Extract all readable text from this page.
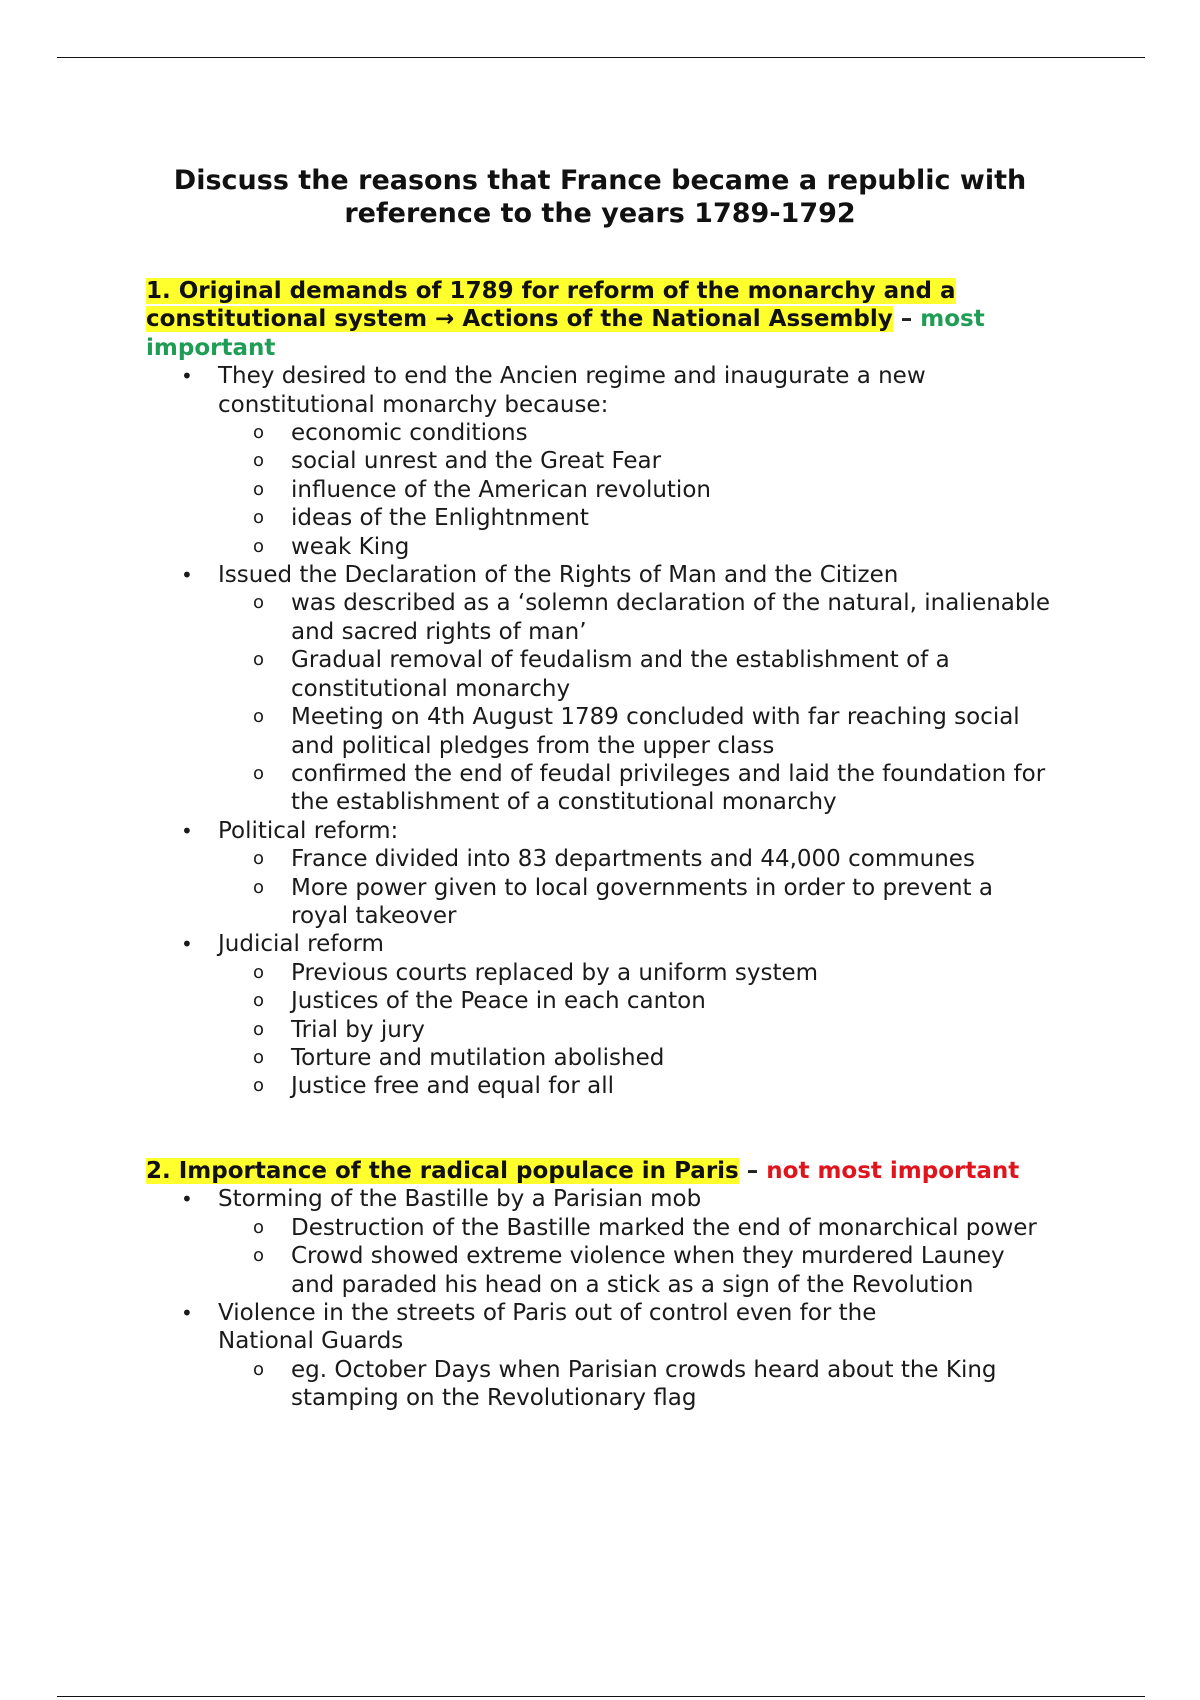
Discuss the reasons that France became a republic with reference to the years 1789-1792

1. Original demands of 1789 for reform of the monarchy and a constitutional system → Actions of the National Assembly – most important

• They desired to end the Ancien regime and inaugurate a new constitutional monarchy because:
o economic conditions
o social unrest and the Great Fear
o influence of the American revolution
o ideas of the Enlightnment
o weak King
• Issued the Declaration of the Rights of Man and the Citizen
o was described as a ‘solemn declaration of the natural, inalienable and sacred rights of man’
o Gradual removal of feudalism and the establishment of a constitutional monarchy
o Meeting on 4th August 1789 concluded with far reaching social and political pledges from the upper class
o confirmed the end of feudal privileges and laid the foundation for the establishment of a constitutional monarchy
• Political reform:
o France divided into 83 departments and 44,000 communes
o More power given to local governments in order to prevent a royal takeover
• Judicial reform
o Previous courts replaced by a uniform system
o Justices of the Peace in each canton
o Trial by jury
o Torture and mutilation abolished
o Justice free and equal for all

2. Importance of the radical populace in Paris – not most important

• Storming of the Bastille by a Parisian mob
o Destruction of the Bastille marked the end of monarchical power
o Crowd showed extreme violence when they murdered Launey and paraded his head on a stick as a sign of the Revolution
• Violence in the streets of Paris out of control even for the National Guards
o eg. October Days when Parisian crowds heard about the King stamping on the Revolutionary flag
